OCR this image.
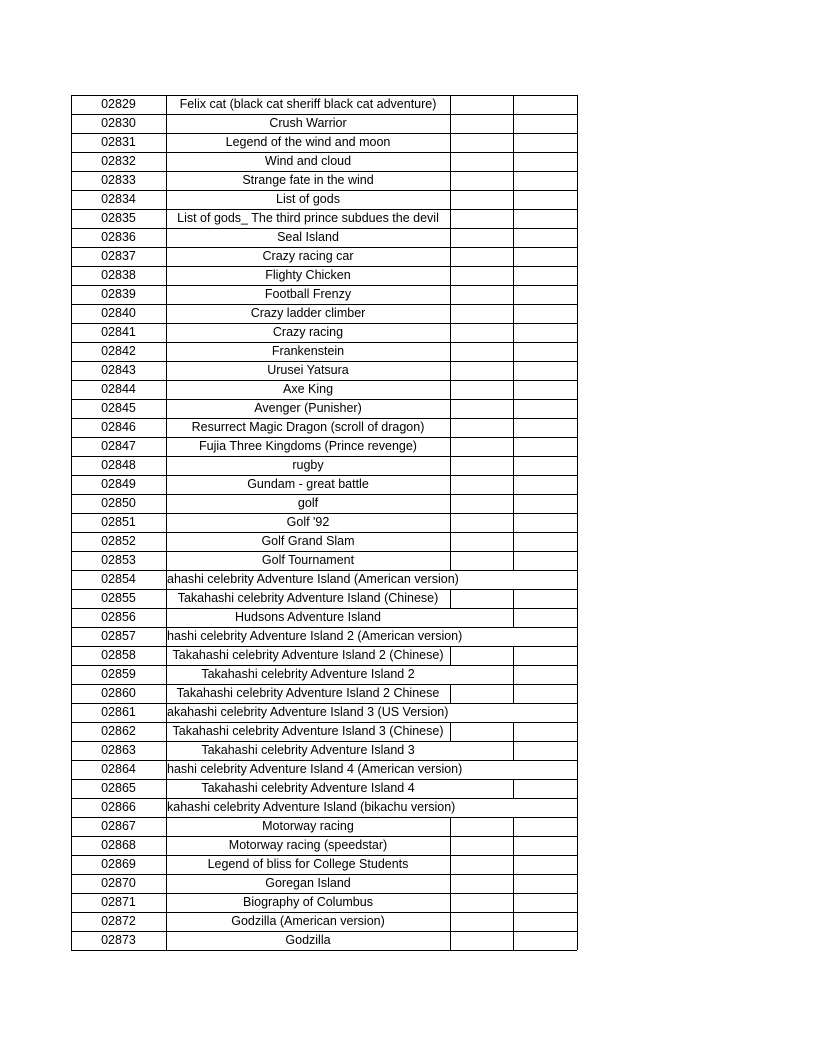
02829	Felix cat (black cat sheriff black cat adventure)
02830	Crush Warrior
02831	Legend of the wind and moon
02832	Wind and cloud
02833	Strange fate in the wind
02834	List of gods
02835	List of gods_ The third prince subdues the devil
02836	Seal Island
02837	Crazy racing car
02838	Flighty Chicken
02839	Football Frenzy
02840	Crazy ladder climber
02841	Crazy racing
02842	Frankenstein
02843	Urusei Yatsura
02844	Axe King
02845	Avenger (Punisher)
02846	Resurrect Magic Dragon (scroll of dragon)
02847	Fujia Three Kingdoms (Prince revenge)
02848	rugby
02849	Gundam - great battle
02850	golf
02851	Golf '92
02852	Golf Grand Slam
02853	Golf Tournament
02854	ahashi celebrity Adventure Island (American version)
02855	Takahashi celebrity Adventure Island (Chinese)
02856	Hudsons Adventure Island
02857	hashi celebrity Adventure Island 2 (American version)
02858	Takahashi celebrity Adventure Island 2 (Chinese)
02859	Takahashi celebrity Adventure Island 2
02860	Takahashi celebrity Adventure Island 2 Chinese
02861	akahashi celebrity Adventure Island 3 (US Version)
02862	Takahashi celebrity Adventure Island 3 (Chinese)
02863	Takahashi celebrity Adventure Island 3
02864	hashi celebrity Adventure Island 4 (American version)
02865	Takahashi celebrity Adventure Island 4
02866	kahashi celebrity Adventure Island (bikachu version)
02867	Motorway racing
02868	Motorway racing (speedstar)
02869	Legend of bliss for College Students
02870	Goregan Island
02871	Biography of Columbus
02872	Godzilla (American version)
02873	Godzilla
